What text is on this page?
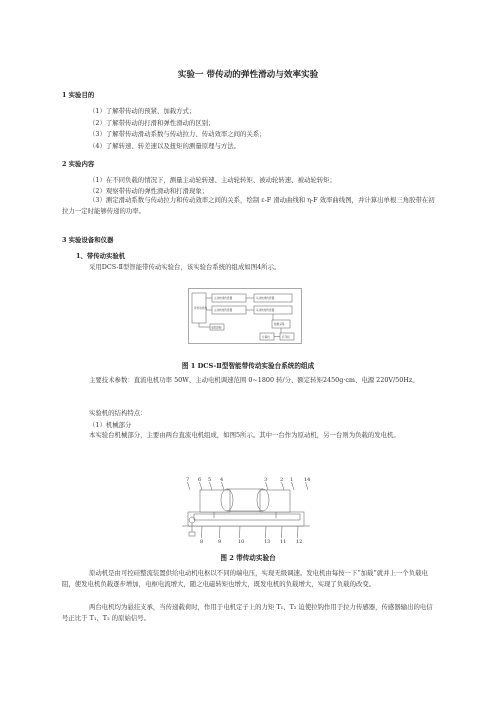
实验一 带传动的弹性滑动与效率实验
1 实验目的
（1）了解带传动的预紧、加载方式；
（2）了解带传动的打滑和弹性滑动的区别；
（3）了解带传动滑动系数与传动拉力、传动效率之间的关系；
（4）了解转速、转差速以及扭矩的测量原理与方法。
2 实验内容
（1）在不同负载的情况下，测量主动轮转速、主动轮转矩、被动轮转速、被动轮转矩；
（2）观察带传动的弹性滑动和打滑现象；
（3）测定滑动系数与传动拉力和传动效率之间的关系，绘制 ε-F 滑动曲线和 η-F 效率曲线图，并计算出单根三角胶带在初拉力一定时能够传递的功率。
3 实验设备和仪器
1、带传动实验机
采用DCS-Ⅱ型智能带传动实验台，该实验台系统的组成如图4所示。
带传动机构
主动转速传感器
主动转矩传感器
从动转速传感器
从动转矩传感器
电机控制
数据采集
计算机	打印机
图 1 DCS-Ⅱ型智能带传动实验台系统的组成
主要技术参数：直流电机功率 50W、主动电机调速范围 0~1800 转/分、额定转矩2450g·cm、电源 220V/50Hz。
实验机的结构特点：
（1）机械部分
本实验台机械部分，主要由两台直流电机组成，如图5所示。其中一台作为原动机，另一台则为负载的发电机。
7 6 5 4	3	2 1 14
8	9	10	13 11 12
图 2 带传动实验台
原动机是由可控硅整流装置供给电动机电枢以不同的端电压，实现无级调速。发电机由每按一下“加载”就并上一个负载电阻，使发电机负载逐步增加，电枢电流增大，随之电磁转矩也增大，既发电机的负载增大，实现了负载的改变。
两台电机均为悬挂支承，当传递载荷时，作用于电机定子上的力矩 T₁、T₂ 迫使拉钩作用于拉力传感器，传感器输出的电信号正比于 T₁、T₂ 的原始信号。
